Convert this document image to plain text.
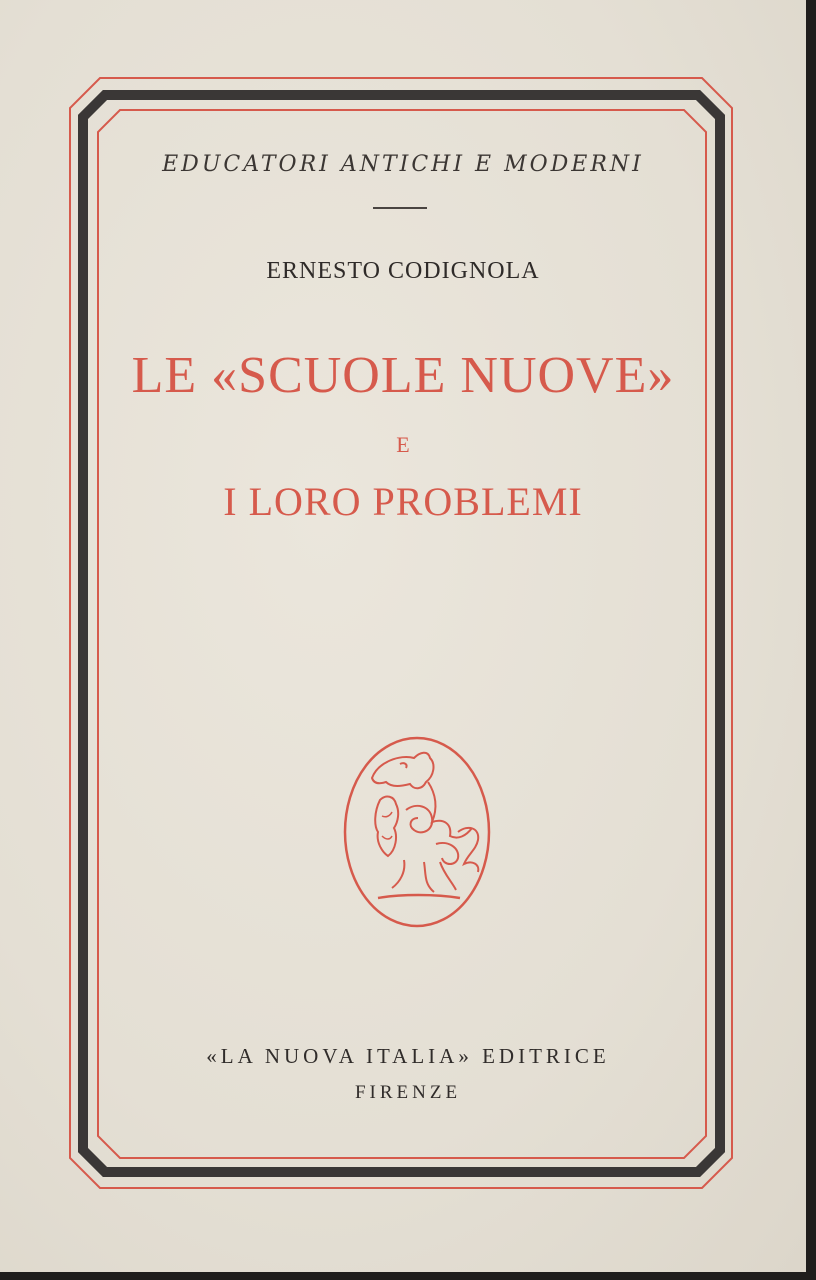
EDUCATORI ANTICHI E MODERNI
ERNESTO CODIGNOLA
LE «SCUOLE NUOVE»
E
I LORO PROBLEMI
«LA NUOVA ITALIA» EDITRICE
FIRENZE
